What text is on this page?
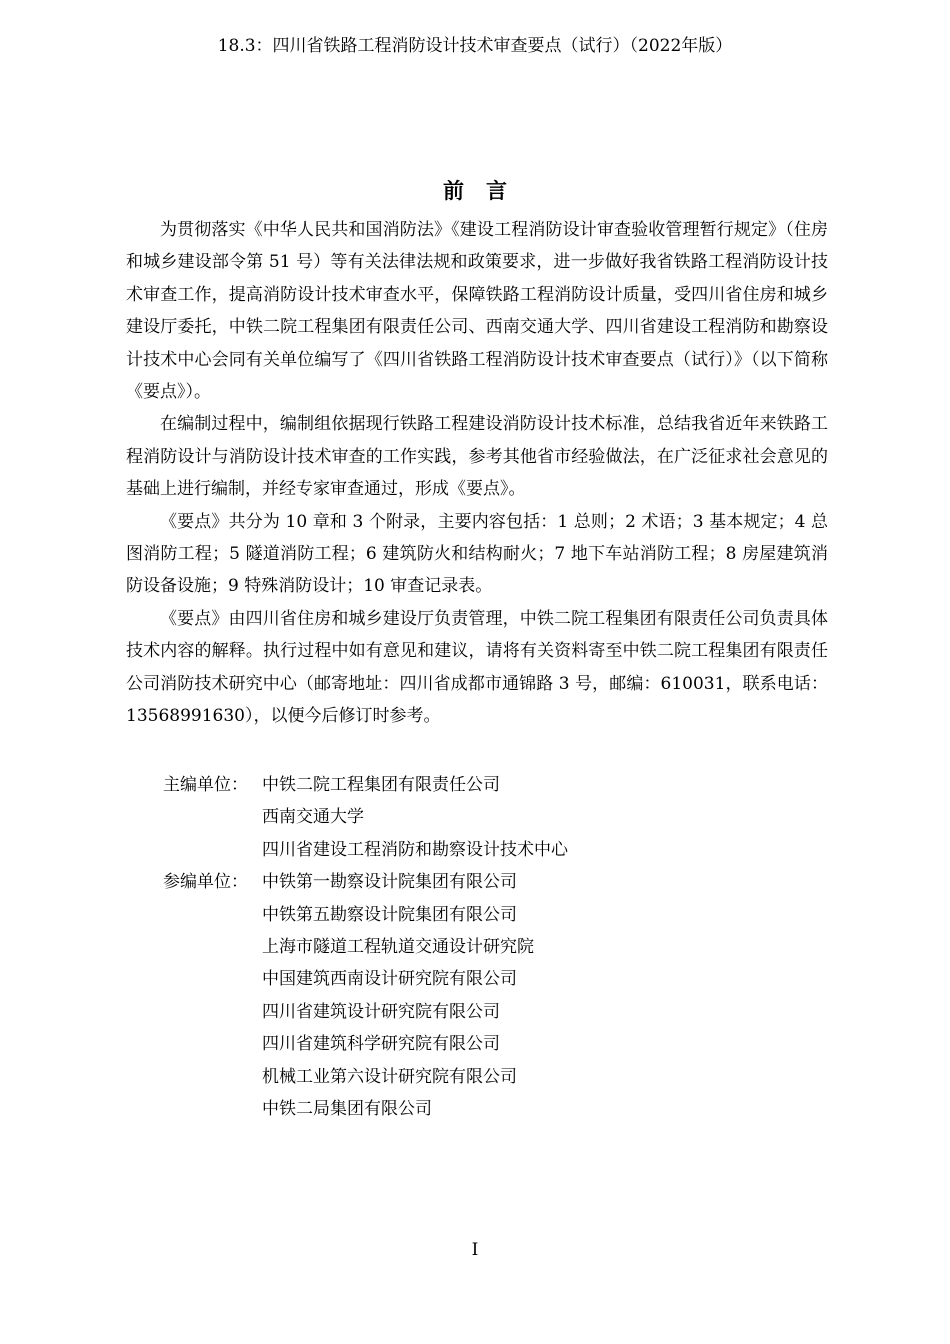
18.3：四川省铁路工程消防设计技术审查要点（试行）（2022年版）
前言

为贯彻落实《中华人民共和国消防法》《建设工程消防设计审查验收管理暂行规定》（住房和城乡建设部令第 51 号）等有关法律法规和政策要求，进一步做好我省铁路工程消防设计技术审查工作，提高消防设计技术审查水平，保障铁路工程消防设计质量，受四川省住房和城乡建设厅委托，中铁二院工程集团有限责任公司、西南交通大学、四川省建设工程消防和勘察设计技术中心会同有关单位编写了《四川省铁路工程消防设计技术审查要点（试行）》（以下简称《要点》）。

在编制过程中，编制组依据现行铁路工程建设消防设计技术标准，总结我省近年来铁路工程消防设计与消防设计技术审查的工作实践，参考其他省市经验做法，在广泛征求社会意见的基础上进行编制，并经专家审查通过，形成《要点》。

《要点》共分为 10 章和 3 个附录，主要内容包括：1 总则；2 术语；3 基本规定；4 总图消防工程；5 隧道消防工程；6 建筑防火和结构耐火；7 地下车站消防工程；8 房屋建筑消防设备设施；9 特殊消防设计；10 审查记录表。

《要点》由四川省住房和城乡建设厅负责管理，中铁二院工程集团有限责任公司负责具体技术内容的解释。执行过程中如有意见和建议，请将有关资料寄至中铁二院工程集团有限责任公司消防技术研究中心（邮寄地址：四川省成都市通锦路 3 号，邮编：610031，联系电话：13568991630），以便今后修订时参考。

主编单位： 中铁二院工程集团有限责任公司
西南交通大学
四川省建设工程消防和勘察设计技术中心
参编单位： 中铁第一勘察设计院集团有限公司
中铁第五勘察设计院集团有限公司
上海市隧道工程轨道交通设计研究院
中国建筑西南设计研究院有限公司
四川省建筑设计研究院有限公司
四川省建筑科学研究院有限公司
机械工业第六设计研究院有限公司
中铁二局集团有限公司
I
